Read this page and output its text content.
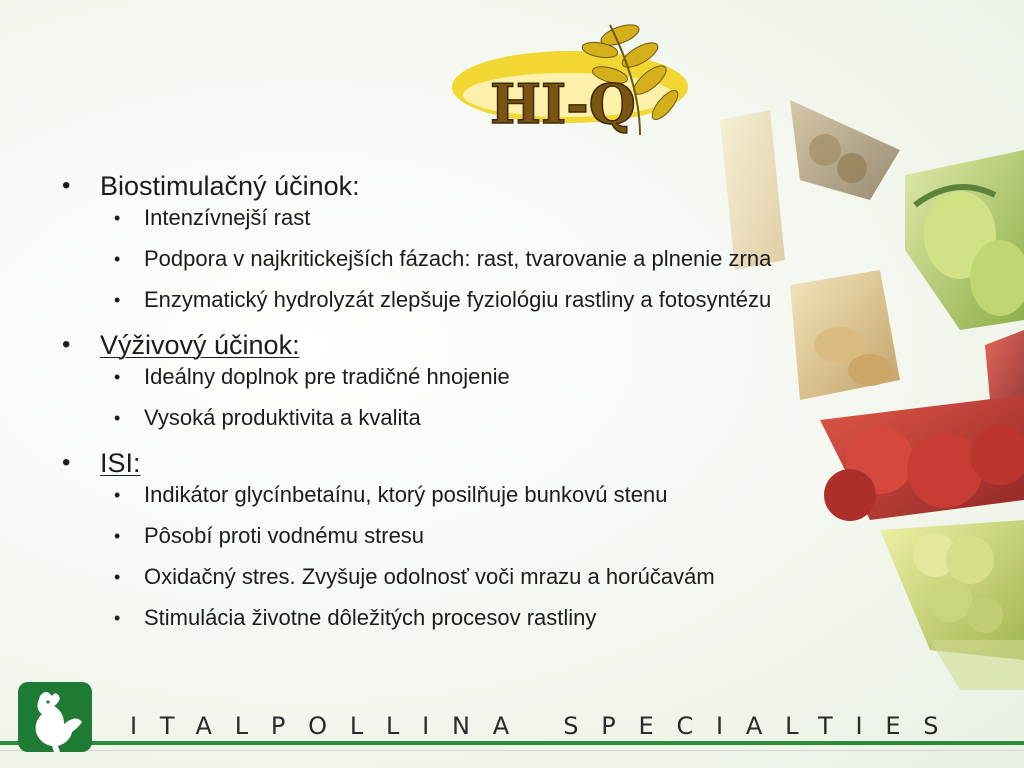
HI-Q
• Biostimulačný účinok:
• Intenzívnejší rast
• Podpora v najkritickejších fázach: rast, tvarovanie a plnenie zrna
• Enzymatický hydrolyzát zlepšuje fyziológiu rastliny a fotosyntézu
• Výživový účinok:
• Ideálny doplnok pre tradičné hnojenie
• Vysoká produktivita a kvalita
• ISI:
• Indikátor glycínbetaínu, ktorý posilňuje bunkovú stenu
• Pôsobí proti vodnému stresu
• Oxidačný stres. Zvyšuje odolnosť voči mrazu a horúčavám
• Stimulácia životne dôležitých procesov rastliny
ITALPOLLINA SPECIALTIES
